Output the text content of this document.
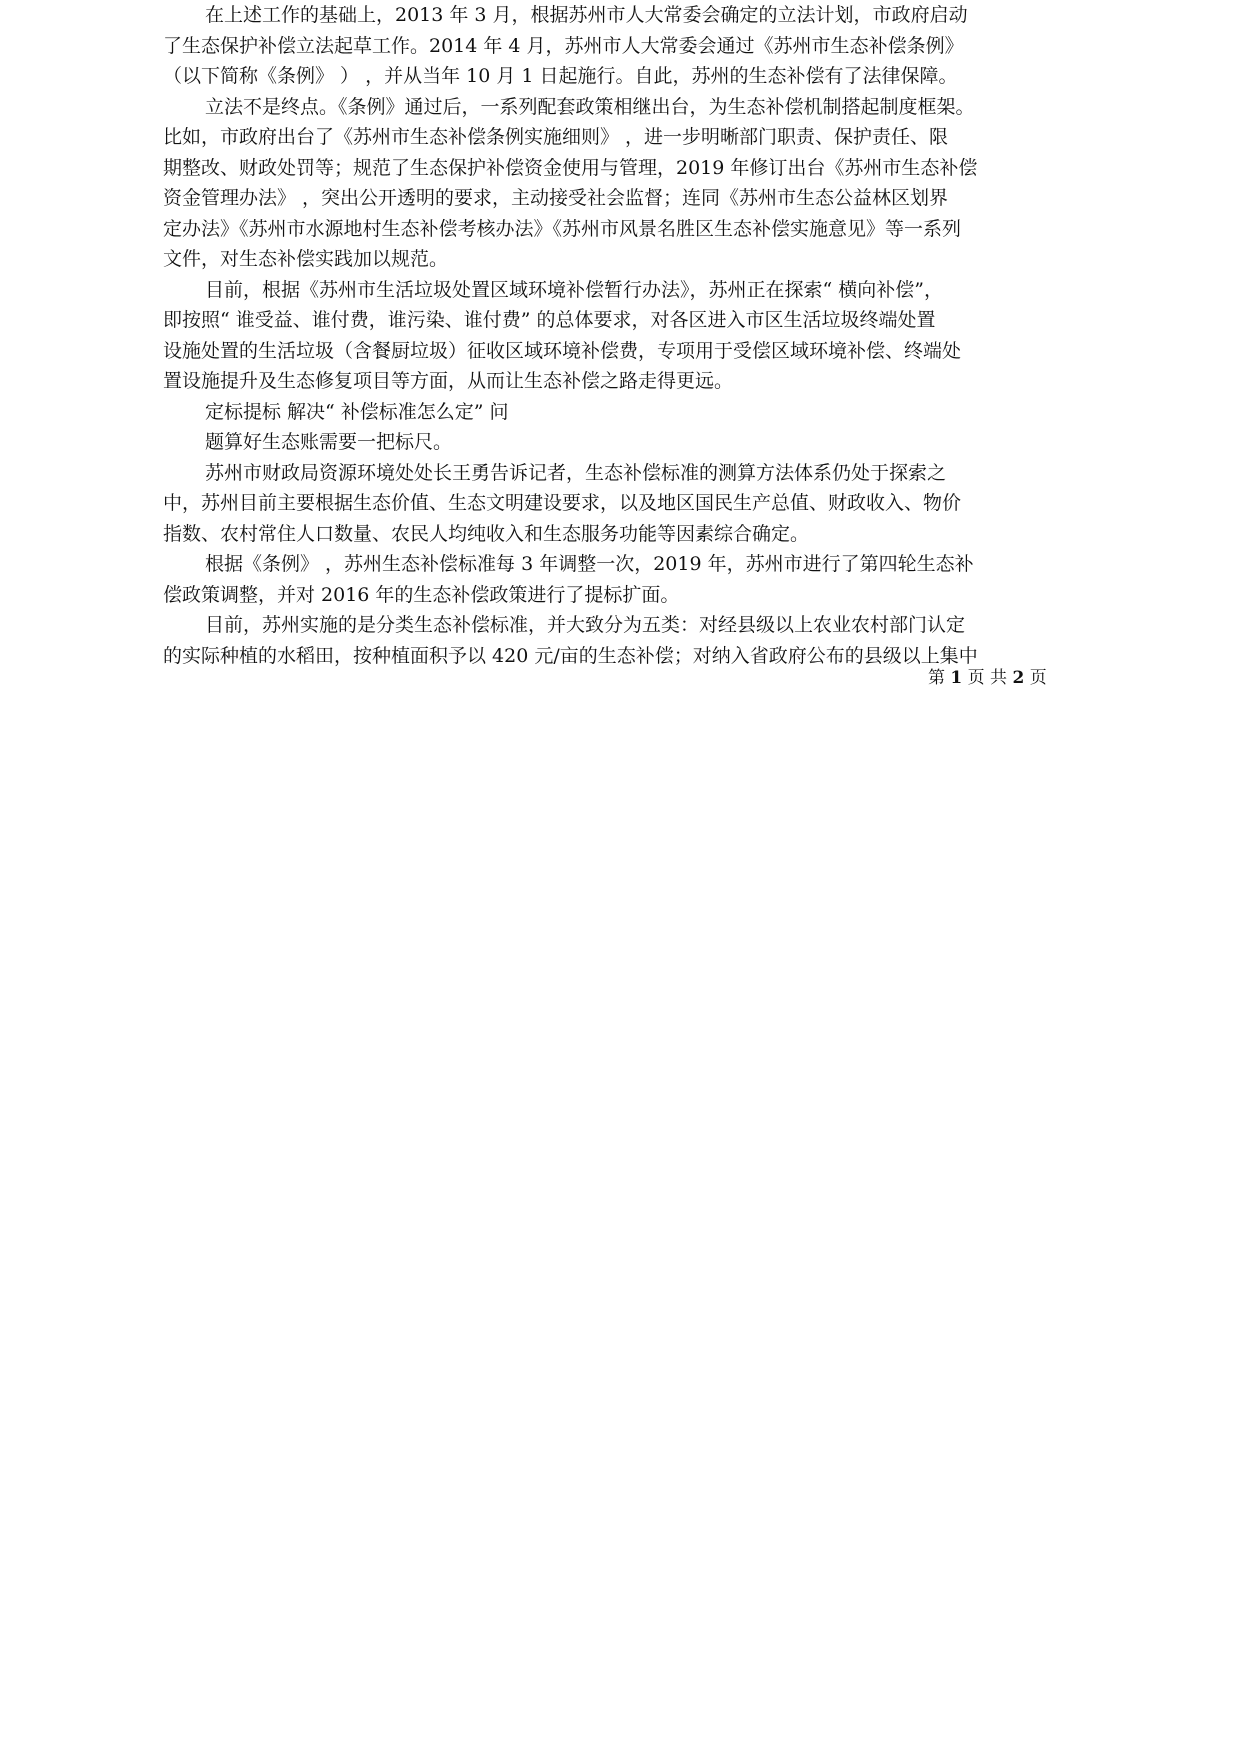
在上述工作的基础上，2013 年 3 月，根据苏州市人大常委会确定的立法计划，市政府启动
了生态保护补偿立法起草工作。2014 年 4 月，苏州市人大常委会通过《苏州市生态补偿条例》
（以下简称《条例》 ） ，并从当年 10 月 1 日起施行。自此，苏州的生态补偿有了法律保障。
立法不是终点。《条例》通过后，一系列配套政策相继出台，为生态补偿机制搭起制度框架。
比如，市政府出台了《苏州市生态补偿条例实施细则》 ，进一步明晰部门职责、保护责任、限
期整改、财政处罚等；规范了生态保护补偿资金使用与管理，2019 年修订出台《苏州市生态补偿
资金管理办法》 ，突出公开透明的要求，主动接受社会监督；连同《苏州市生态公益林区划界
定办法》《苏州市水源地村生态补偿考核办法》《苏州市风景名胜区生态补偿实施意见》等一系列
文件，对生态补偿实践加以规范。
目前，根据《苏州市生活垃圾处置区域环境补偿暂行办法》，苏州正在探索“ 横向补偿”，
即按照“ 谁受益、谁付费，谁污染、谁付费” 的总体要求，对各区进入市区生活垃圾终端处置
设施处置的生活垃圾（含餐厨垃圾）征收区域环境补偿费，专项用于受偿区域环境补偿、终端处
置设施提升及生态修复项目等方面，从而让生态补偿之路走得更远。
定标提标 解决“ 补偿标准怎么定” 问
题算好生态账需要一把标尺。
苏州市财政局资源环境处处长王勇告诉记者，生态补偿标准的测算方法体系仍处于探索之
中，苏州目前主要根据生态价值、生态文明建设要求，以及地区国民生产总值、财政收入、物价
指数、农村常住人口数量、农民人均纯收入和生态服务功能等因素综合确定。
根据《条例》 ，苏州生态补偿标准每 3 年调整一次，2019 年，苏州市进行了第四轮生态补
偿政策调整，并对 2016 年的生态补偿政策进行了提标扩面。
目前，苏州实施的是分类生态补偿标准，并大致分为五类：对经县级以上农业农村部门认定
的实际种植的水稻田，按种植面积予以 420 元/亩的生态补偿；对纳入省政府公布的县级以上集中
第 1 页 共 2 页
